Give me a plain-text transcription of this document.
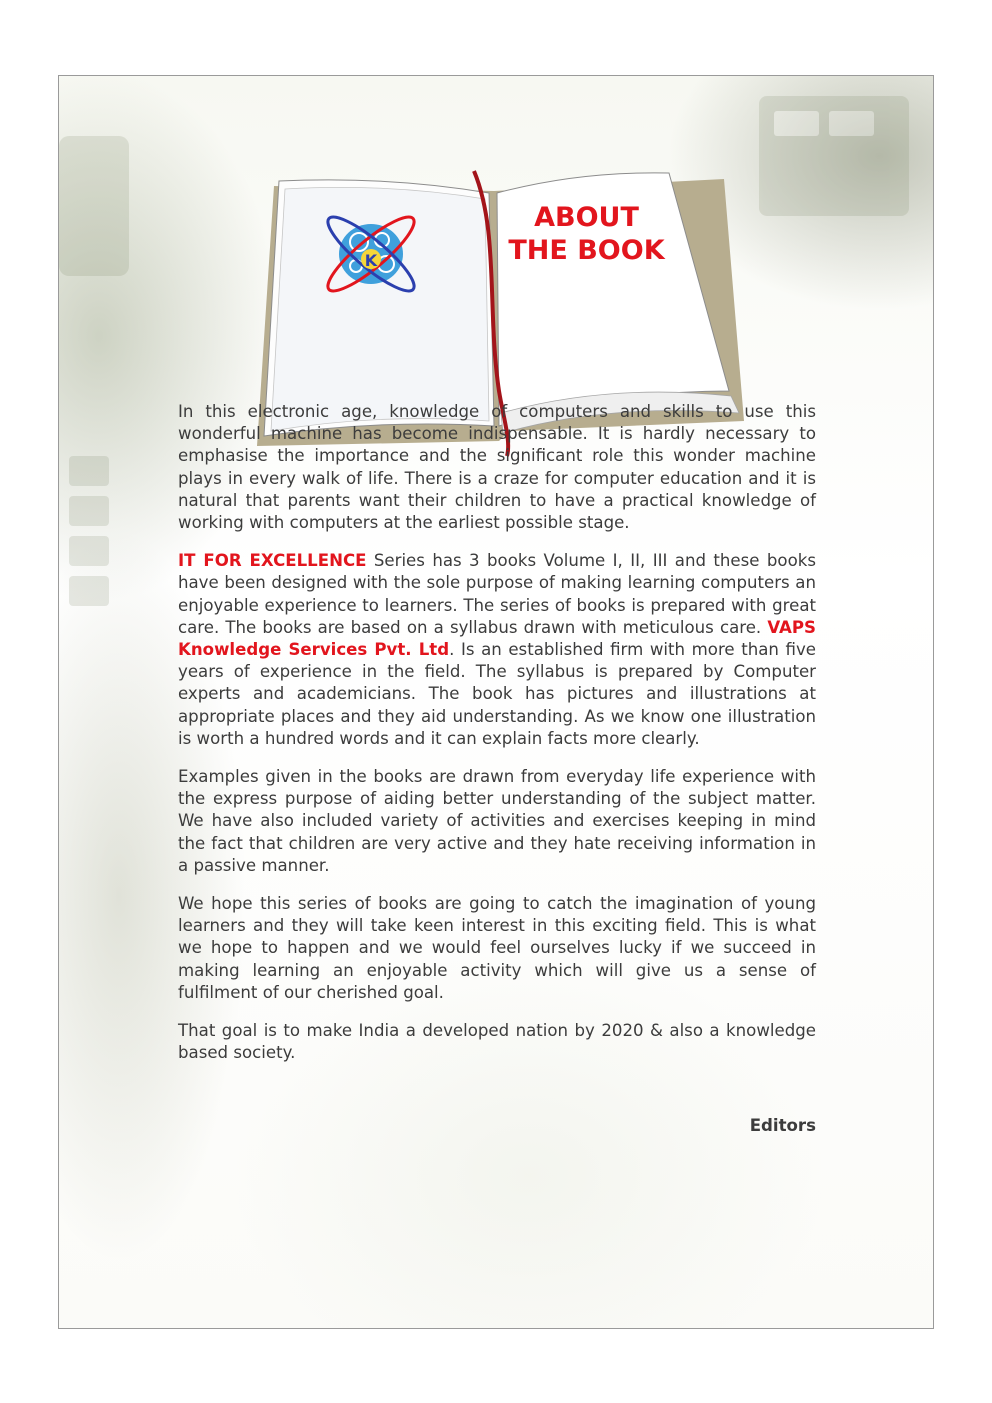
K
ABOUT
THE BOOK

In this electronic age, knowledge of computers and skills to use this wonderful machine has become indispensable. It is hardly necessary to emphasise the importance and the significant role this wonder machine plays in every walk of life. There is a craze for computer education and it is natural that parents want their children to have a practical knowledge of working with computers at the earliest possible stage.

IT FOR EXCELLENCE Series has 3 books Volume I, II, III and these books have been designed with the sole purpose of making learning computers an enjoyable experience to learners. The series of books is prepared with great care. The books are based on a syllabus drawn with meticulous care. VAPS Knowledge Services Pvt. Ltd. Is an established firm with more than five years of experience in the field. The syllabus is prepared by Computer experts and academicians. The book has pictures and illustrations at appropriate places and they aid understanding. As we know one illustration is worth a hundred words and it can explain facts more clearly.

Examples given in the books are drawn from everyday life experience with the express purpose of aiding better understanding of the subject matter. We have also included variety of activities and exercises keeping in mind the fact that children are very active and they hate receiving information in a passive manner.

We hope this series of books are going to catch the imagination of young learners and they will take keen interest in this exciting field. This is what we hope to happen and we would feel ourselves lucky if we succeed in making learning an enjoyable activity which will give us a sense of fulfilment of our cherished goal.

That goal is to make India a developed nation by 2020 & also a knowledge based society.

Editors
